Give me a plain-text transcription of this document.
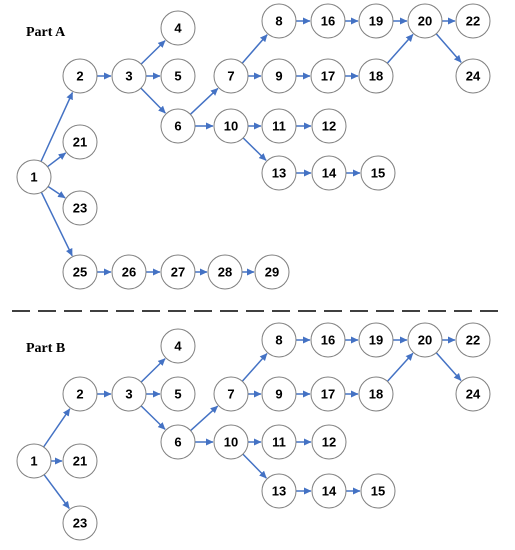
Part A
1
2	3
4
5
6
7
8
9
10	11	12
13	14	15
16
17	18
19	20
21
22
23
24
25	26	27	28	29
Part B
1
2	3
4
5
6
7
8
9
10	11	12
13	14	15
16
17	18
19	20
21
22
23
24
